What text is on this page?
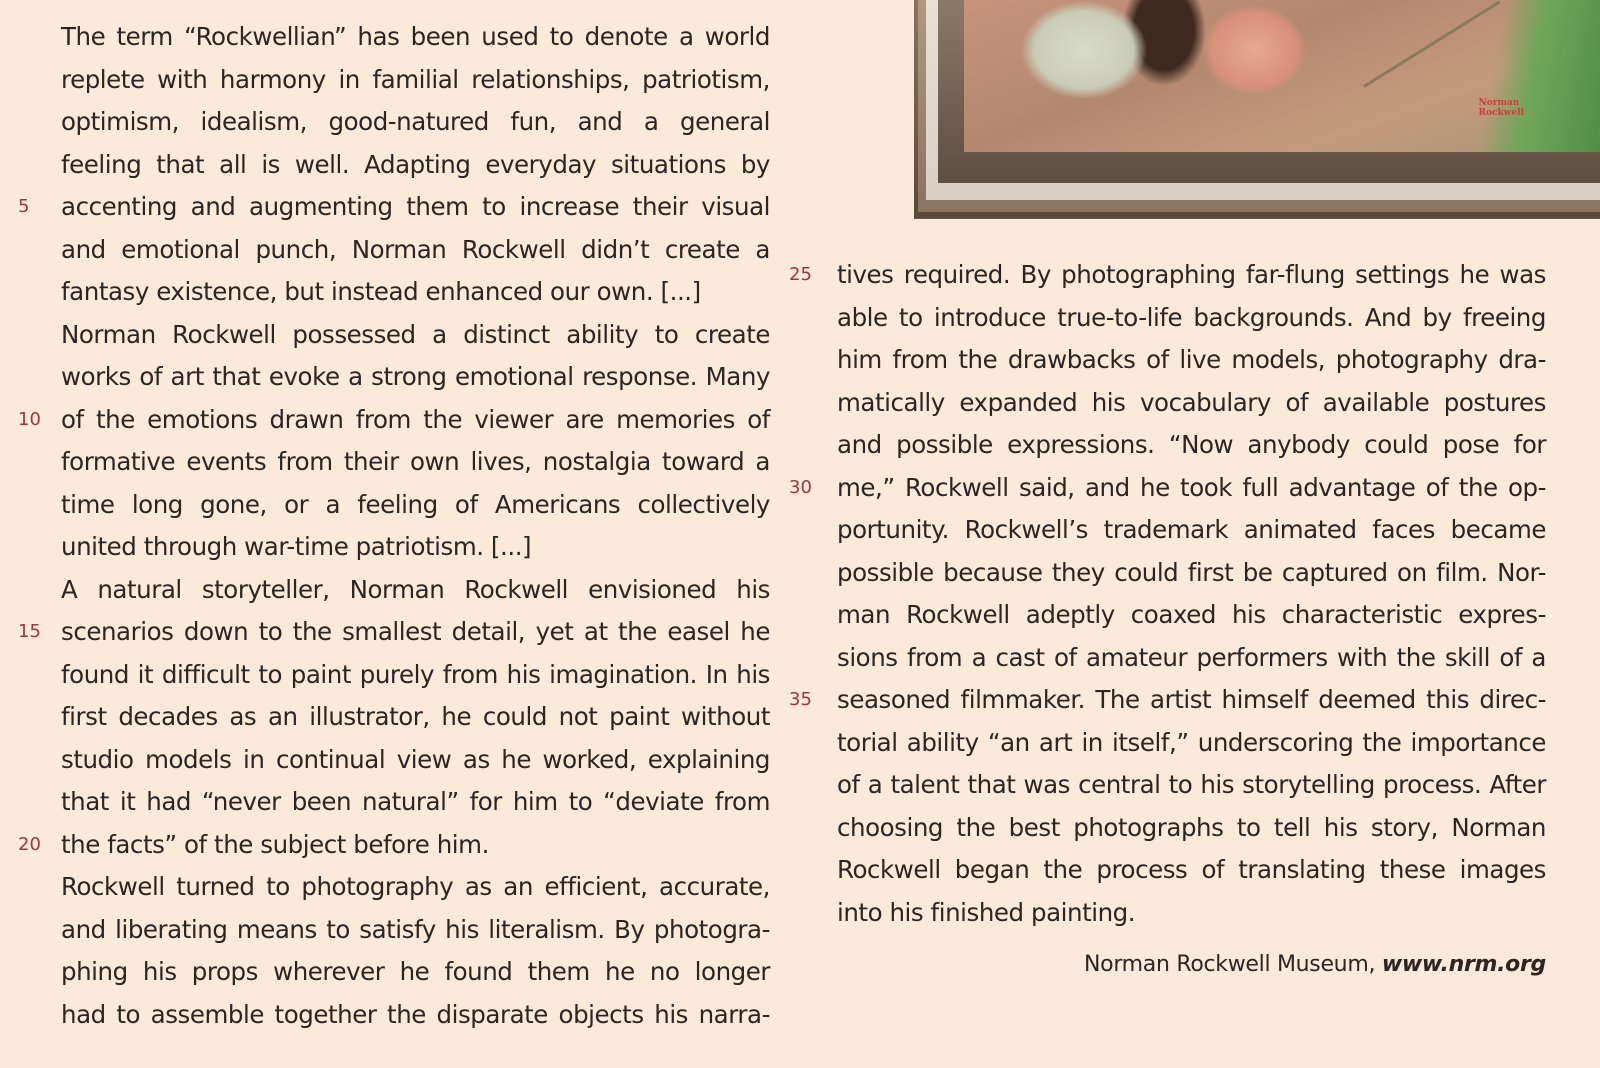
Norman
Rockwell
The term “Rockwellian” has been used to denote a world
replete with harmony in familial relationships, patriotism,
optimism, idealism, good-natured fun, and a general
feeling that all is well. Adapting everyday situations by
5	accenting and augmenting them to increase their visual
and emotional punch, Norman Rockwell didn’t create a
fantasy existence, but instead enhanced our own. [...]
Norman Rockwell possessed a distinct ability to create
works of art that evoke a strong emotional response. Many
10 of the emotions drawn from the viewer are memories of
formative events from their own lives, nostalgia toward a
time long gone, or a feeling of Americans collectively
united through war-time patriotism. [...]
A natural storyteller, Norman Rockwell envisioned his
15 scenarios down to the smallest detail, yet at the easel he
found it difficult to paint purely from his imagination. In his
first decades as an illustrator, he could not paint without
studio models in continual view as he worked, explaining
that it had “never been natural” for him to “deviate from
20 the facts” of the subject before him.
Rockwell turned to photography as an efficient, accurate,
and liberating means to satisfy his literalism. By photogra-
phing his props wherever he found them he no longer
had to assemble together the disparate objects his narra-
25	tives required. By photographing far-flung settings he was
able to introduce true-to-life backgrounds. And by freeing
him from the drawbacks of live models, photography dra-
matically expanded his vocabulary of available postures
and possible expressions. “Now anybody could pose for
30	me,” Rockwell said, and he took full advantage of the op-
portunity. Rockwell’s trademark animated faces became
possible because they could first be captured on film. Nor-
man Rockwell adeptly coaxed his characteristic expres-
sions from a cast of amateur performers with the skill of a
35	seasoned filmmaker. The artist himself deemed this direc-
torial ability “an art in itself,” underscoring the importance
of a talent that was central to his storytelling process. After
choosing the best photographs to tell his story, Norman
Rockwell began the process of translating these images
into his finished painting.
Norman Rockwell Museum, www.nrm.org
